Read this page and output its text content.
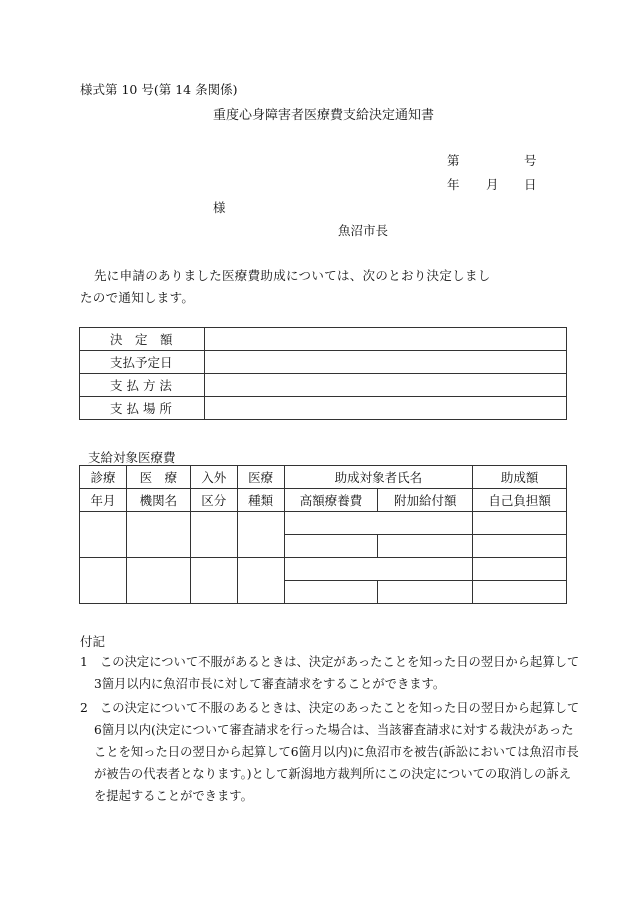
様式第 10 号(第 14 条関係)
重度心身障害者医療費支給決定通知書
第	号
年 月 日
様
魚沼市長
先に申請のありました医療費助成については、次のとおり決定しまし
たので通知します。
決　定　額	
支払予定日	
支 払 方 法	
支 払 場 所	
支給対象医療費
診療	医　療	入外	医療	助成対象者氏名		助成額
年月	機関名	区分	種類	高額療養費	附加給付額	自己負担額

付記
1 この決定について不服があるときは、決定があったことを知った日の翌日から起算して3箇月以内に魚沼市長に対して審査請求をすることができます。
2 この決定について不服のあるときは、決定のあったことを知った日の翌日から起算して6箇月以内(決定について審査請求を行った場合は、当該審査請求に対する裁決があったことを知った日の翌日から起算して6箇月以内)に魚沼市を被告(訴訟においては魚沼市長が被告の代表者となります。)として新潟地方裁判所にこの決定についての取消しの訴えを提起することができます。
